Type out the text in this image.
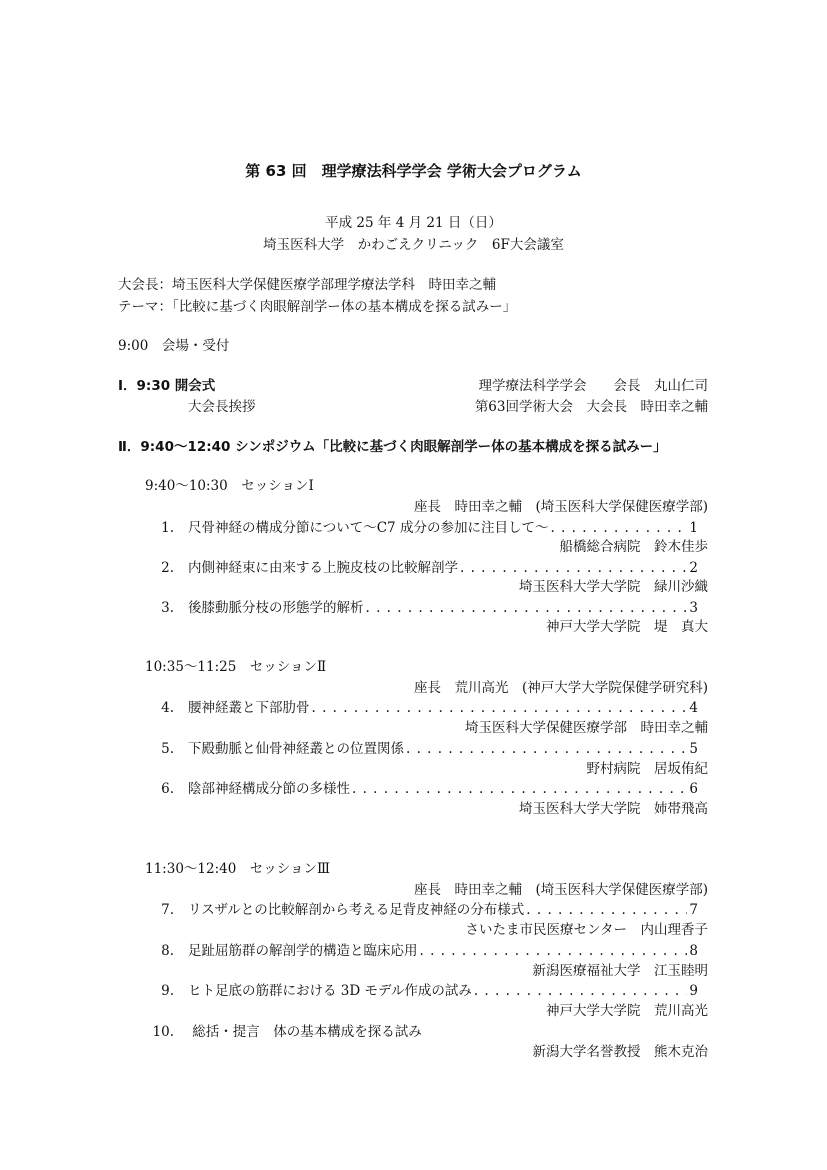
第 63 回　理学療法科学学会 学術大会プログラム
平成 25 年 4 月 21 日（日）
埼玉医科大学　かわごえクリニック　6F大会議室
大会長：埼玉医科大学保健医療学部理学療法学科　時田幸之輔
テーマ：「比較に基づく肉眼解剖学ー体の基本構成を探る試みー」
9:00　会場・受付
Ⅰ．9:30 開会式	理学療法科学学会　　会長　丸山仁司
大会長挨拶	第63回学術大会　大会長　時田幸之輔
Ⅱ．9:40〜12:40 シンポジウム「比較に基づく肉眼解剖学ー体の基本構成を探る試みー」
9:40〜10:30　セッションⅠ
座長　時田幸之輔　(埼玉医科大学保健医療学部)
1. 尺骨神経の構成分節について〜C7 成分の参加に注目して〜 . . .	1
船橋総合病院　鈴木佳歩
2. 内側神経束に由来する上腕皮枝の比較解剖学 . . .	2
埼玉医科大学大学院　緑川沙織
3. 後膝動脈分枝の形態学的解析 . . .	3
神戸大学大学院　堤　真大
10:35〜11:25　セッションⅡ
座長　荒川高光　(神戸大学大学院保健学研究科)
4. 腰神経叢と下部肋骨 . . .	4
埼玉医科大学保健医療学部　時田幸之輔
5. 下殿動脈と仙骨神経叢との位置関係 . . .	5
野村病院　居坂侑紀
6. 陰部神経構成分節の多様性 . . .	6
埼玉医科大学大学院　姉帯飛高
11:30〜12:40　セッションⅢ
座長　時田幸之輔　(埼玉医科大学保健医療学部)
7. リスザルとの比較解剖から考える足背皮神経の分布様式 . . .	7
さいたま市民医療センター　内山理香子
8. 足趾屈筋群の解剖学的構造と臨床応用 . . .	8
新潟医療福祉大学　江玉睦明
9. ヒト足底の筋群における 3D モデル作成の試み . . .	9
神戸大学大学院　荒川高光
10. 総括・提言　体の基本構成を探る試み
新潟大学名誉教授　熊木克治
